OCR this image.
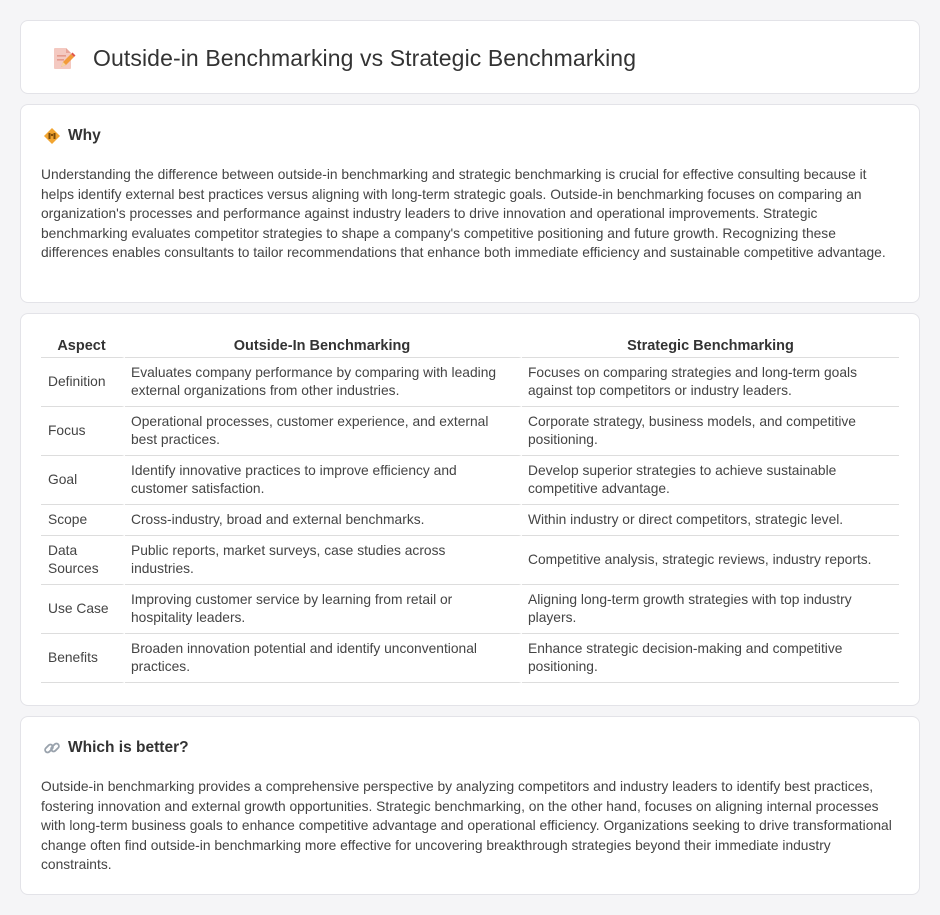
Outside-in Benchmarking vs Strategic Benchmarking
Why

Understanding the difference between outside-in benchmarking and strategic benchmarking is crucial for effective consulting because it helps identify external best practices versus aligning with long-term strategic goals. Outside-in benchmarking focuses on comparing an organization's processes and performance against industry leaders to drive innovation and operational improvements. Strategic benchmarking evaluates competitor strategies to shape a company's competitive positioning and future growth. Recognizing these differences enables consultants to tailor recommendations that enhance both immediate efficiency and sustainable competitive advantage.

Aspect	Outside-In Benchmarking	Strategic Benchmarking
Definition	Evaluates company performance by comparing with leading external organizations from other industries.	Focuses on comparing strategies and long-term goals against top competitors or industry leaders.
Focus	Operational processes, customer experience, and external best practices.	Corporate strategy, business models, and competitive positioning.
Goal	Identify innovative practices to improve efficiency and customer satisfaction.	Develop superior strategies to achieve sustainable competitive advantage.
Scope	Cross-industry, broad and external benchmarks.	Within industry or direct competitors, strategic level.
Data Sources	Public reports, market surveys, case studies across industries.	Competitive analysis, strategic reviews, industry reports.
Use Case	Improving customer service by learning from retail or hospitality leaders.	Aligning long-term growth strategies with top industry players.
Benefits	Broaden innovation potential and identify unconventional practices.	Enhance strategic decision-making and competitive positioning.
Which is better?

Outside-in benchmarking provides a comprehensive perspective by analyzing competitors and industry leaders to identify best practices, fostering innovation and external growth opportunities. Strategic benchmarking, on the other hand, focuses on aligning internal processes with long-term business goals to enhance competitive advantage and operational efficiency. Organizations seeking to drive transformational change often find outside-in benchmarking more effective for uncovering breakthrough strategies beyond their immediate industry constraints.
